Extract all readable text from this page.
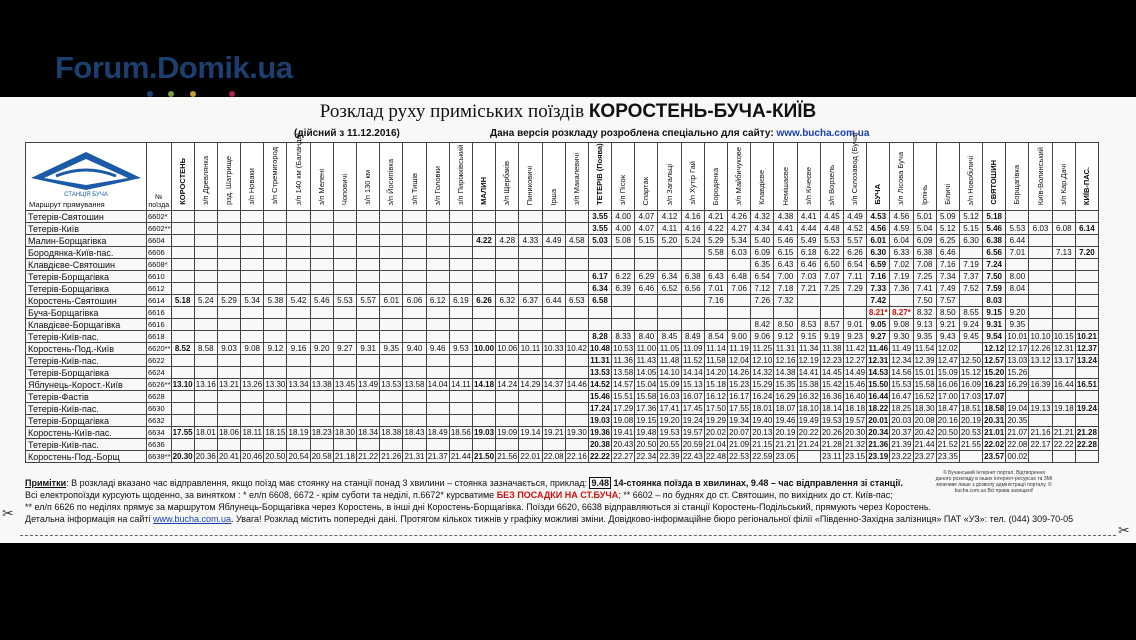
Forum.Domik.ua
Розклад руху приміських поїздів КОРОСТЕНЬ-БУЧА-КИЇВ
(дійсний з 11.12.2016)	Дана версія розкладу розроблена спеціально для сайту: www.bucha.com.ua
СТАНЦІЯ БУЧА
Маршрут прямування	№ поїзда	КОРОСТЕНЬ	з/п Древлянка	рзд. Шатрище	з/п Новаки	з/п Стремигород	з/п 140 км (Баланда)	з/п Мелені	Чоповичі	з/п 130 км	з/п Йосипівка	з/п Тишів	з/п Головки	з/п Пиріжківський	МАЛИН	з/п Щербаків	Пиниковичі	Ірша	з/п Макалевичі	ТЕТЕРІВ (Поява)	з/п Пісок	Спартак	з/п Загальці	з/п Хутір Гай	Бородянка	з/п Майбичукове	Клавдієве	Немішаєве	з/п Кічеєве	з/п Ворзель	з/п Склозавод (Буча)	БУЧА	з/п Лісова Буча	Ірпінь	Біличі	з/п Новобіличі	СВЯТОШИН	Борщагівка	Київ-Волинський	з/п Кар.Дачі	КИЇВ-ПАС.
Тетерів-Святошин	6602*																			3.55	4.00	4.07	4.12	4.16	4.21	4.26	4.32	4.38	4.41	4.45	4.49	4.53	4.56	5.01	5.09	5.12	5.18				
Тетерів-Київ	6602**																			3.55	4.00	4.07	4.11	4.16	4.22	4.27	4.34	4.41	4.44	4.48	4.52	4.56	4.59	5.04	5.12	5.15	5.46	5.53	6.03	6.08	6.14
Малин-Борщагівка	6604														4.22	4.28	4.33	4.49	4.58	5.03	5.08	5.15	5.20	5.24	5.29	5.34	5.40	5.46	5.49	5.53	5.57	6.01	6.04	6.09	6.25	6.30	6.38	6.44			
Бородянка-Київ-пас.	6606																								5.58	6.03	6.09	6.15	6.18	6.22	6.26	6.30	6.33	6.38	6.46		6.56	7.01		7.13	7.20
Клавдієве-Святошин	6608*																										6.35	6.43	6.46	6.50	6.54	6.59	7.02	7.08	7.16	7.19	7.24				
Тетерів-Борщагівка	6610																			6.17	6.22	6.29	6.34	6.38	6.43	6.48	6.54	7.00	7.03	7.07	7.11	7.16	7.19	7.25	7.34	7.37	7.50	8.00			
Тетерів-Борщагівка	6612																			6.34	6.39	6.46	6.52	6.56	7.01	7.06	7.12	7.18	7.21	7.25	7.29	7.33	7.36	7.41	7.49	7.52	7.59	8.04			
Коростень-Святошин	6614	5.18	5.24	5.29	5.34	5.38	5.42	5.46	5.53	5.57	6.01	6.06	6.12	6.19	6.26	6.32	6.37	6.44	6.53	6.58					7.16		7.26	7.32				7.42		7.50	7.57		8.03				
Буча-Борщагівка	6616																															8.21*	8.27*	8.32	8.50	8.55	9.15	9.20			
Клавдієве-Борщагівка	6616																										8.42	8.50	8.53	8.57	9.01	9.05	9.08	9.13	9.21	9.24	9.31	9.35			
Тетерів-Київ-пас.	6618																			8.28	8.33	8.40	8.45	8.49	8.54	9.00	9.06	9.12	9.15	9.19	9.23	9.27	9.30	9.35	9.43	9.45	9.54	10.01	10.10	10.15	10.21
Коростень-Под.-Київ	6620**	8.52	8.58	9.03	9.08	9.12	9.16	9.20	9.27	9.31	9.35	9.40	9.46	9.53	10.00	10.06	10.11	10.33	10.42	10.48	10.53	11.00	11.05	11.09	11.14	11.19	11.25	11.31	11.34	11.38	11.42	11.46	11.49	11.54	12.02		12.12	12.17	12.26	12.31	12.37
Тетерів-Київ-пас.	6622																			11.31	11.36	11.43	11.48	11.52	11.58	12.04	12.10	12.16	12.19	12.23	12.27	12.31	12.34	12.39	12.47	12.50	12.57	13.03	13.12	13.17	13.24
Тетерів-Борщагівка	6624																			13.53	13.58	14.05	14.10	14.14	14.20	14.26	14.32	14.38	14.41	14.45	14.49	14.53	14.56	15.01	15.09	15.12	15.20	15.26			
Яблунець-Корост.-Київ	6626**	13.10	13.16	13.21	13.26	13.30	13.34	13.38	13.45	13.49	13.53	13.58	14.04	14.11	14.18	14.24	14.29	14.37	14.46	14.52	14.57	15.04	15.09	15.13	15.18	15.23	15.29	15.35	15.38	15.42	15.46	15.50	15.53	15.58	16.06	16.09	16.23	16.29	16.39	16.44	16.51
Тетерів-Фастів	6628																			15.46	15.51	15.58	16.03	16.07	16.12	16.17	16.24	16.29	16.32	16.36	16.40	16.44	16.47	16.52	17.00	17.03	17.07				
Тетерів-Київ-пас.	6630																			17.24	17.29	17.36	17.41	17.45	17.50	17.55	18.01	18.07	18.10	18.14	18.18	18.22	18.25	18.30	18.47	18.51	18.58	19.04	19.13	19.18	19.24
Тетерів-Борщагівка	6632																			19.03	19.08	19.15	19.20	19.24	19.29	19.34	19.40	19.46	19.49	19.53	19.57	20.01	20.03	20.08	20.16	20.19	20.31	20.35			
Коростень-Київ-пас.	6634	17.55	18.01	18.06	18.11	18.15	18.19	18.23	18.30	18.34	18.38	18.43	18.49	18.56	19.03	19.09	19.14	19.21	19.30	19.36	19.41	19.48	19.53	19.57	20.02	20.07	20.13	20.19	20.22	20.26	20.30	20.34	20.37	20.42	20.50	20.53	21.01	21.07	21.16	21.21	21.28
Тетерів-Київ-пас.	6636																			20.38	20.43	20.50	20.55	20.59	21.04	21.09	21.15	21.21	21.24	21.28	21.32	21.36	21.39	21.44	21.52	21.55	22.02	22.08	22.17	22.22	22.28
Коростень-Под.-Борщ	6638**	20.30	20.36	20.41	20.46	20.50	20.54	20.58	21.18	21.22	21.26	21.31	21.37	21.44	21.50	21.56	22.01	22.08	22.16	22.22	22.27	22.34	22.39	22.43	22.48	22.53	22.59	23.05		23.11	23.15	23.19	23.22	23.27	23.35		23.57	00.02			
© Бучанський Інтернет портал. Відтворення даного розкладу в інших інтернет-ресурсах та ЗМІ можливе лише з дозволу адміністрації порталу. © bucha.com.ua Всі права захищені!
Примітки: В розкладі вказано час відправлення, якщо поїзд має стоянку на станції понад 3 хвилини – стоянка зазначається, приклад: 9.48 14-стоянка поїзда в хвилинах, 9.48 – час відправлення зі станції.
Всі електропоїзди курсують щоденно, за винятком : * ел/п 6608, 6672 - крім суботи та неділі, п.6672* курсватиме БЕЗ ПОСАДКИ НА СТ.БУЧА; ** 6602 – по буднях до ст. Святошин, по вихідних до ст. Київ-пас;
** ел/п 6626 по неділях прямує за маршрутом Яблунець-Борщагівка через Коростень, в інші дні Коростень-Борщагівка. Поїзди 6620, 6638 відправляються зі станції Коростень-Подільський, прямують через Коростень.
Детальна інформація на сайті www.bucha.com.ua. Увага! Розклад містить попередні дані. Протягом кількох тижнів у графіку можливі зміни. Довідково-інформаційне бюро регіональної філії «Південно-Західна залізниця» ПАТ «УЗ»: тел. (044) 309-70-05
✂
✂
